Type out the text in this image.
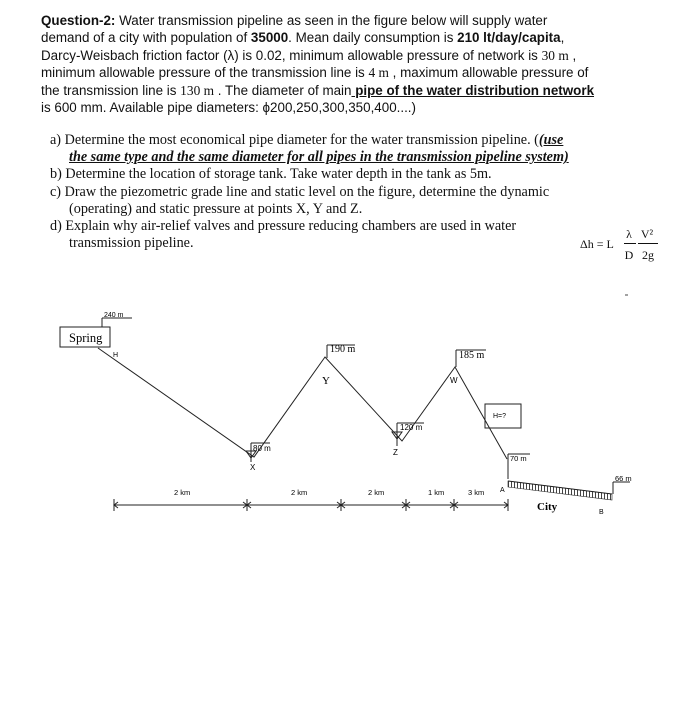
Question-2: Water transmission pipeline as seen in the figure below will supply water
demand of a city with population of 35000. Mean daily consumption is 210 lt/day/capita,
Darcy-Weisbach friction factor (λ) is 0.02, minimum allowable pressure of network is 30 m ,
minimum allowable pressure of the transmission line is 4 m , maximum allowable pressure of
the transmission line is 130 m . The diameter of main pipe of the water distribution network
is 600 mm. Available pipe diameters: ϕ200,250,300,350,400....)
a) Determine the most economical pipe diameter for the water transmission pipeline. ((use
the same type and the same diameter for all pipes in the transmission pipeline system)
b) Determine the location of storage tank. Take water depth in the tank as 5m.
c) Draw the piezometric grade line and static level on the figure, determine the dynamic
(operating) and static pressure at points X, Y and Z.
d) Explain why air-relief valves and pressure reducing chambers are used in water
transmission pipeline.	Δh = L
λ
D
V²
2g
Spring
240 m
H
190 m
Y
185 m
W
120 m
Z
80 m
X
H=?
70 m
A
City	B
66 m
2 km	2 km	2 km	1 km	3 km
